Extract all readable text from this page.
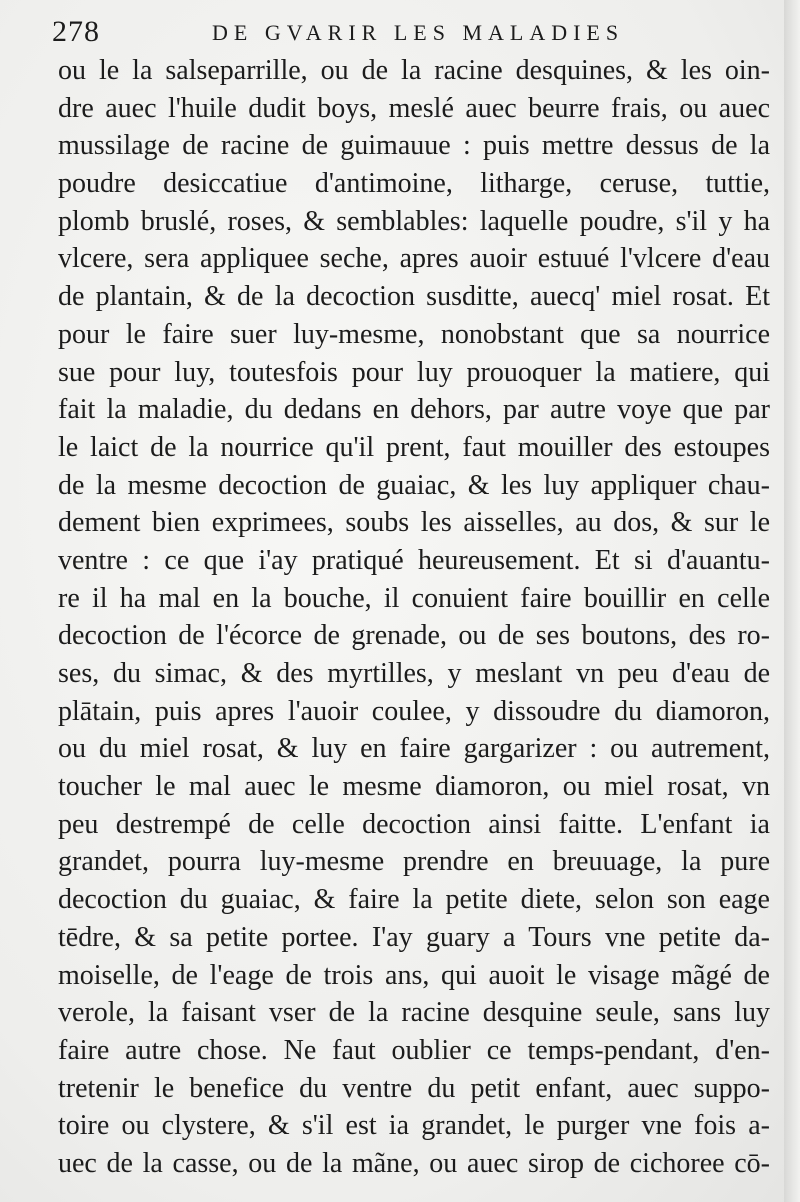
278	DE GVARIR LES MALADIES
ou le la salseparrille, ou de la racine desquines, & les oin-
dre auec l'huile dudit boys, meslé auec beurre frais, ou auec
mussilage de racine de guimauue : puis mettre dessus de la
poudre desiccatiue d'antimoine, litharge, ceruse, tuttie,
plomb bruslé, roses, & semblables: laquelle poudre, s'il y ha
vlcere, sera appliquee seche, apres auoir estuué l'vlcere d'eau
de plantain, & de la decoction susditte, auecq' miel rosat. Et
pour le faire suer luy-mesme, nonobstant que sa nourrice
sue pour luy, toutesfois pour luy prouoquer la matiere, qui
fait la maladie, du dedans en dehors, par autre voye que par
le laict de la nourrice qu'il prent, faut mouiller des estoupes
de la mesme decoction de guaiac, & les luy appliquer chau-
dement bien exprimees, soubs les aisselles, au dos, & sur le
ventre : ce que i'ay pratiqué heureusement. Et si d'auantu-
re il ha mal en la bouche, il conuient faire bouillir en celle
decoction de l'écorce de grenade, ou de ses boutons, des ro-
ses, du simac, & des myrtilles, y meslant vn peu d'eau de
plātain, puis apres l'auoir coulee, y dissoudre du diamoron,
ou du miel rosat, & luy en faire gargarizer : ou autrement,
toucher le mal auec le mesme diamoron, ou miel rosat, vn
peu destrempé de celle decoction ainsi faitte. L'enfant ia
grandet, pourra luy-mesme prendre en breuuage, la pure
decoction du guaiac, & faire la petite diete, selon son eage
tēdre, & sa petite portee. I'ay guary a Tours vne petite da-
moiselle, de l'eage de trois ans, qui auoit le visage mãgé de
verole, la faisant vser de la racine desquine seule, sans luy
faire autre chose. Ne faut oublier ce temps-pendant, d'en-
tretenir le benefice du ventre du petit enfant, auec suppo-
toire ou clystere, & s'il est ia grandet, le purger vne fois a-
uec de la casse, ou de la mãne, ou auec sirop de cichoree cō-
